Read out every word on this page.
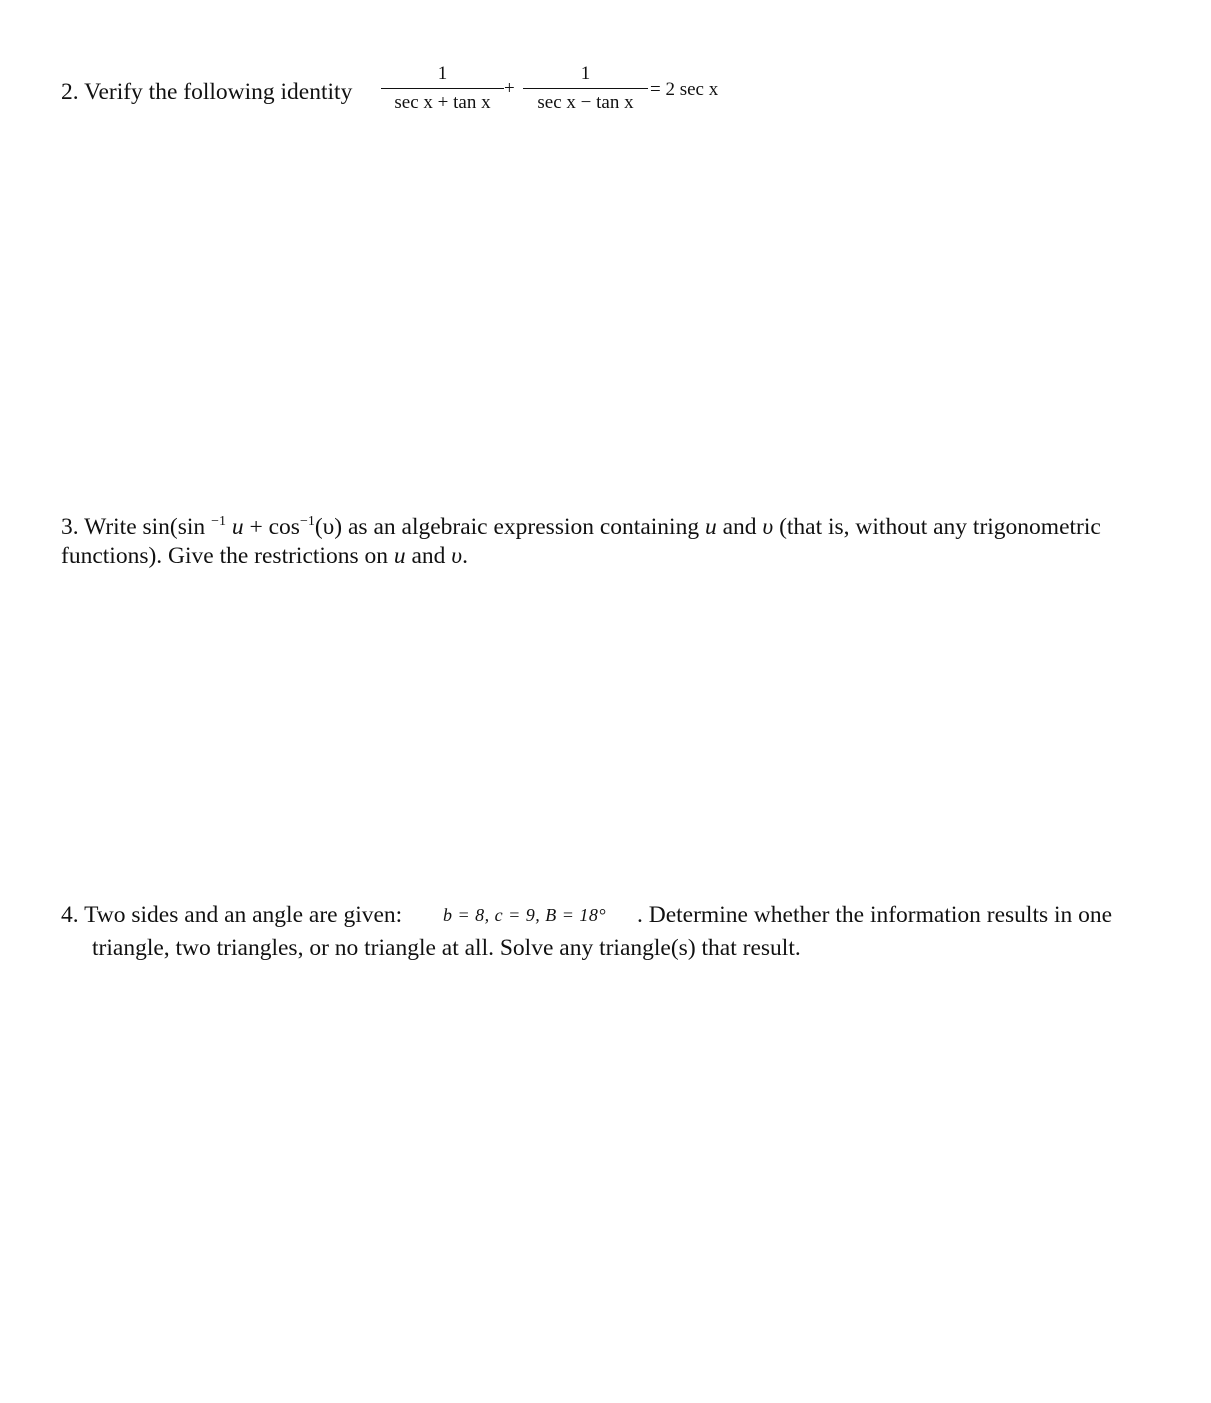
2. Verify the following identity
1
sec x + tan x
+
1
sec x − tan x
= 2 sec x
3. Write sin(sin $^{-1}$ $u + \cos^{-1}(\upsilon)$ as an algebraic expression containing u and υ (that is, without any trigonometric
functions). Give the restrictions on u and υ.
4. Two sides and an angle are given: b = 8, c = 9, B = 18° . Determine whether the information results in one
triangle, two triangles, or no triangle at all. Solve any triangle(s) that result.
